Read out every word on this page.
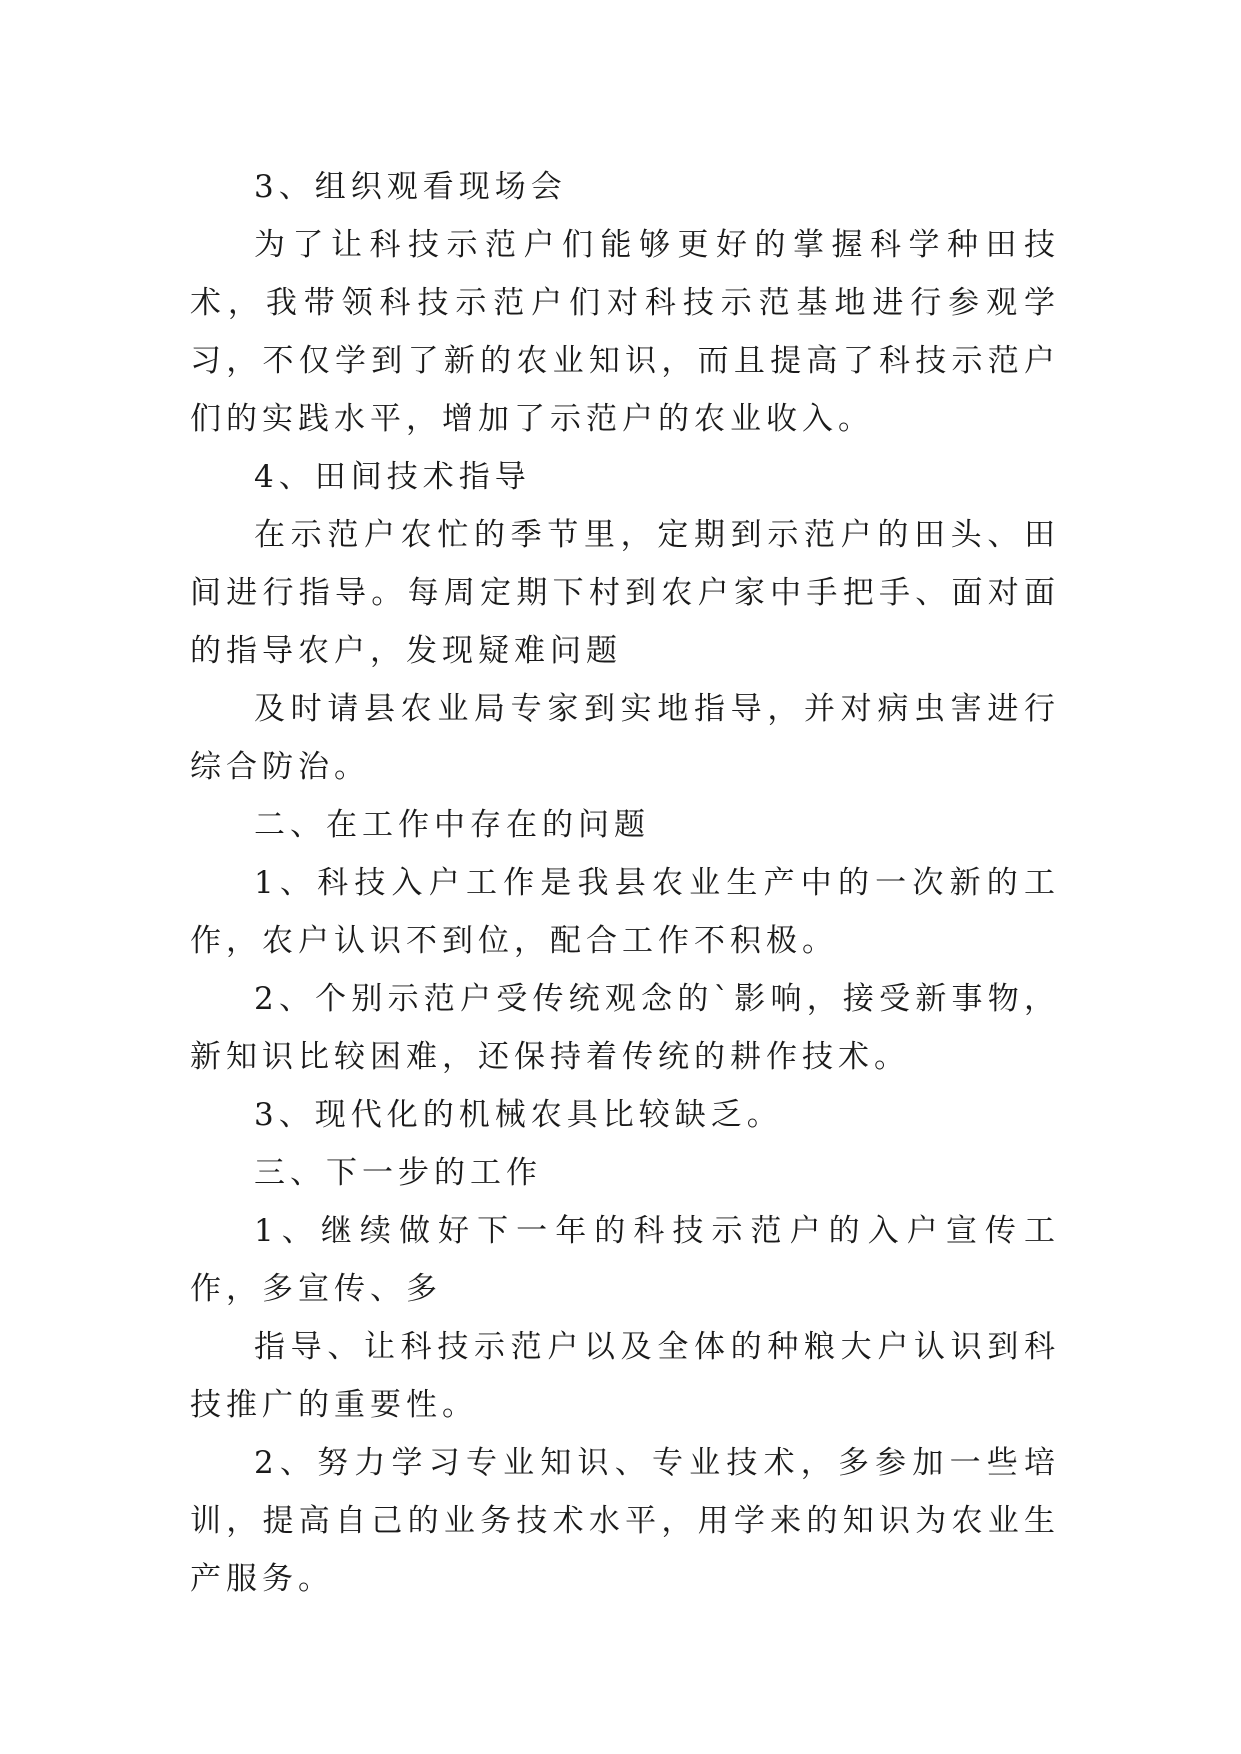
3、组织观看现场会

为了让科技示范户们能够更好的掌握科学种田技术，我带领科技示范户们对科技示范基地进行参观学习，不仅学到了新的农业知识，而且提高了科技示范户们的实践水平，增加了示范户的农业收入。

4、田间技术指导

在示范户农忙的季节里，定期到示范户的田头、田间进行指导。每周定期下村到农户家中手把手、面对面的指导农户，发现疑难问题

及时请县农业局专家到实地指导，并对病虫害进行综合防治。

二、在工作中存在的问题

1、科技入户工作是我县农业生产中的一次新的工作，农户认识不到位，配合工作不积极。

2、个别示范户受传统观念的`影响，接受新事物，新知识比较困难，还保持着传统的耕作技术。

3、现代化的机械农具比较缺乏。

三、下一步的工作

1、继续做好下一年的科技示范户的入户宣传工作，多宣传、多

指导、让科技示范户以及全体的种粮大户认识到科技推广的重要性。

2、努力学习专业知识、专业技术，多参加一些培训，提高自己的业务技术水平，用学来的知识为农业生产服务。
